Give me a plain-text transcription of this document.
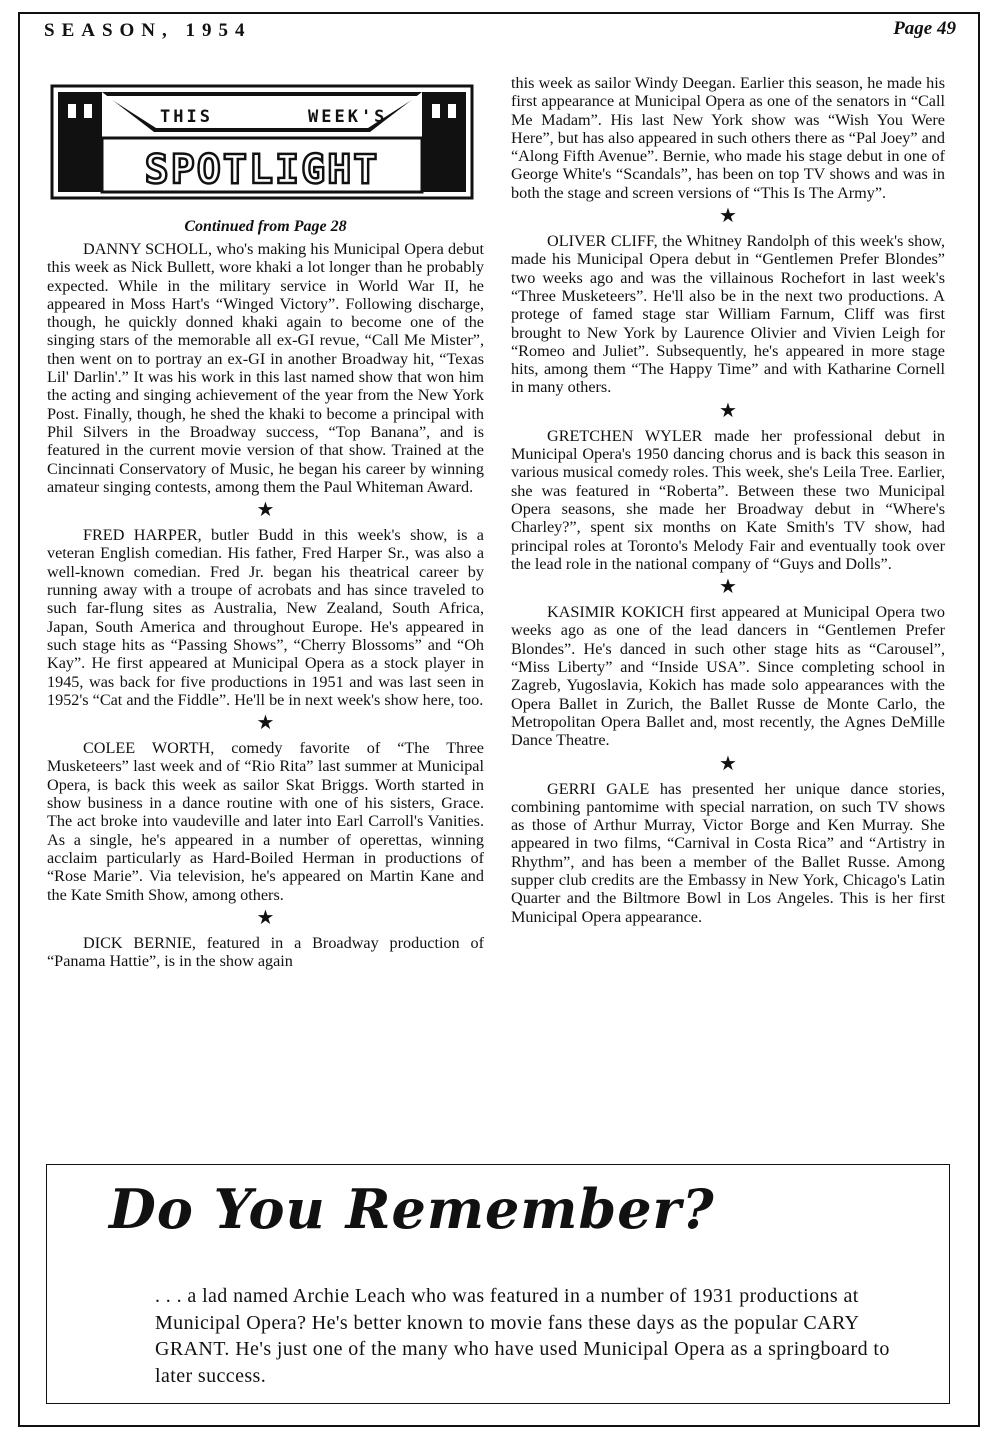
SEASON, 1954	Page 49
THIS	WEEK'S
SPOTLIGHT
Continued from Page 28

DANNY SCHOLL, who's making his Municipal Opera debut this week as Nick Bullett, wore khaki a lot longer than he probably expected. While in the military service in World War II, he appeared in Moss Hart's “Winged Victory”. Following discharge, though, he quickly donned khaki again to become one of the singing stars of the memorable all ex-GI revue, “Call Me Mister”, then went on to portray an ex-GI in another Broadway hit, “Texas Lil' Darlin'.” It was his work in this last named show that won him the acting and singing achievement of the year from the New York Post. Finally, though, he shed the khaki to become a principal with Phil Silvers in the Broadway success, “Top Banana”, and is featured in the current movie version of that show. Trained at the Cincinnati Conservatory of Music, he began his career by winning amateur singing contests, among them the Paul Whiteman Award.

★

FRED HARPER, butler Budd in this week's show, is a veteran English comedian. His father, Fred Harper Sr., was also a well-known comedian. Fred Jr. began his theatrical career by running away with a troupe of acrobats and has since traveled to such far-flung sites as Australia, New Zealand, South Africa, Japan, South America and throughout Europe. He's appeared in such stage hits as “Passing Shows”, “Cherry Blossoms” and “Oh Kay”. He first appeared at Municipal Opera as a stock player in 1945, was back for five productions in 1951 and was last seen in 1952's “Cat and the Fiddle”. He'll be in next week's show here, too.

★

COLEE WORTH, comedy favorite of “The Three Musketeers” last week and of “Rio Rita” last summer at Municipal Opera, is back this week as sailor Skat Briggs. Worth started in show business in a dance routine with one of his sisters, Grace. The act broke into vaudeville and later into Earl Carroll's Vanities. As a single, he's appeared in a number of operettas, winning acclaim particularly as Hard-Boiled Herman in productions of “Rose Marie”. Via television, he's appeared on Martin Kane and the Kate Smith Show, among others.

★

DICK BERNIE, featured in a Broadway production of “Panama Hattie”, is in the show again

this week as sailor Windy Deegan. Earlier this season, he made his first appearance at Municipal Opera as one of the senators in “Call Me Madam”. His last New York show was “Wish You Were Here”, but has also appeared in such others there as “Pal Joey” and “Along Fifth Avenue”. Bernie, who made his stage debut in one of George White's “Scandals”, has been on top TV shows and was in both the stage and screen versions of “This Is The Army”.

★

OLIVER CLIFF, the Whitney Randolph of this week's show, made his Municipal Opera debut in “Gentlemen Prefer Blondes” two weeks ago and was the villainous Rochefort in last week's “Three Musketeers”. He'll also be in the next two productions. A protege of famed stage star William Farnum, Cliff was first brought to New York by Laurence Olivier and Vivien Leigh for “Romeo and Juliet”. Subsequently, he's appeared in more stage hits, among them “The Happy Time” and with Katharine Cornell in many others.

★

GRETCHEN WYLER made her professional debut in Municipal Opera's 1950 dancing chorus and is back this season in various musical comedy roles. This week, she's Leila Tree. Earlier, she was featured in “Roberta”. Between these two Municipal Opera seasons, she made her Broadway debut in “Where's Charley?”, spent six months on Kate Smith's TV show, had principal roles at Toronto's Melody Fair and eventually took over the lead role in the national company of “Guys and Dolls”.

★

KASIMIR KOKICH first appeared at Municipal Opera two weeks ago as one of the lead dancers in “Gentlemen Prefer Blondes”. He's danced in such other stage hits as “Carousel”, “Miss Liberty” and “Inside USA”. Since completing school in Zagreb, Yugoslavia, Kokich has made solo appearances with the Opera Ballet in Zurich, the Ballet Russe de Monte Carlo, the Metropolitan Opera Ballet and, most recently, the Agnes DeMille Dance Theatre.

★

GERRI GALE has presented her unique dance stories, combining pantomime with special narration, on such TV shows as those of Arthur Murray, Victor Borge and Ken Murray. She appeared in two films, “Carnival in Costa Rica” and “Artistry in Rhythm”, and has been a member of the Ballet Russe. Among supper club credits are the Embassy in New York, Chicago's Latin Quarter and the Biltmore Bowl in Los Angeles. This is her first Municipal Opera appearance.

Do You Remember?
. . . a lad named Archie Leach who was featured in a number of 1931 productions at Municipal Opera? He's better known to movie fans these days as the popular CARY GRANT. He's just one of the many who have used Municipal Opera as a springboard to later success.
